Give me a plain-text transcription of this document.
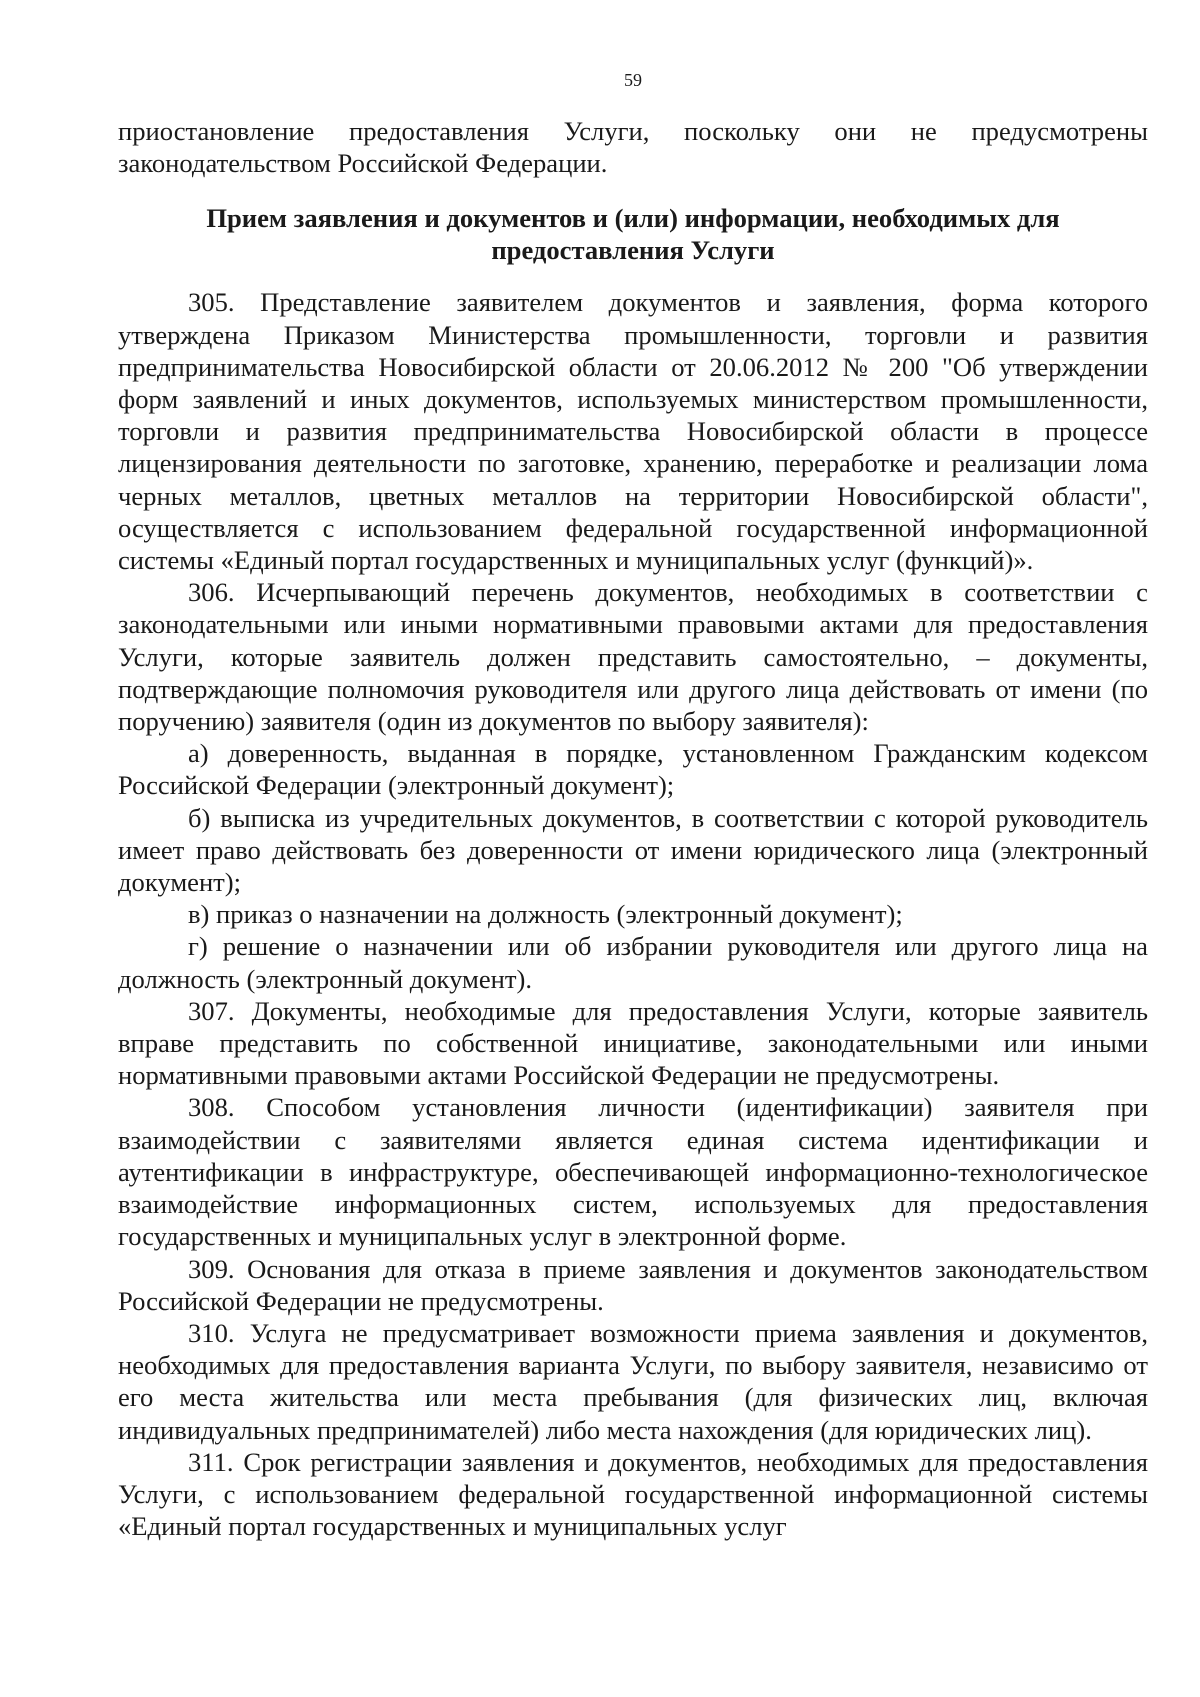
59

приостановление предоставления Услуги, поскольку они не предусмотрены законодательством Российской Федерации.

Прием заявления и документов и (или) информации, необходимых для предоставления Услуги

305. Представление заявителем документов и заявления, форма которого утверждена Приказом Министерства промышленности, торговли и развития предпринимательства Новосибирской области от 20.06.2012 № 200 "Об утверждении форм заявлений и иных документов, используемых министерством промышленности, торговли и развития предпринимательства Новосибирской области в процессе лицензирования деятельности по заготовке, хранению, переработке и реализации лома черных металлов, цветных металлов на территории Новосибирской области", осуществляется с использованием федеральной государственной информационной системы «Единый портал государственных и муниципальных услуг (функций)».

306. Исчерпывающий перечень документов, необходимых в соответствии с законодательными или иными нормативными правовыми актами для предоставления Услуги, которые заявитель должен представить самостоятельно, – документы, подтверждающие полномочия руководителя или другого лица действовать от имени (по поручению) заявителя (один из документов по выбору заявителя):

а) доверенность, выданная в порядке, установленном Гражданским кодексом Российской Федерации (электронный документ);

б) выписка из учредительных документов, в соответствии с которой руководитель имеет право действовать без доверенности от имени юридического лица (электронный документ);

в) приказ о назначении на должность (электронный документ);

г) решение о назначении или об избрании руководителя или другого лица на должность (электронный документ).

307. Документы, необходимые для предоставления Услуги, которые заявитель вправе представить по собственной инициативе, законодательными или иными нормативными правовыми актами Российской Федерации не предусмотрены.

308. Способом установления личности (идентификации) заявителя при взаимодействии с заявителями является единая система идентификации и аутентификации в инфраструктуре, обеспечивающей информационно-технологическое взаимодействие информационных систем, используемых для предоставления государственных и муниципальных услуг в электронной форме.

309. Основания для отказа в приеме заявления и документов законодательством Российской Федерации не предусмотрены.

310. Услуга не предусматривает возможности приема заявления и документов, необходимых для предоставления варианта Услуги, по выбору заявителя, независимо от его места жительства или места пребывания (для физических лиц, включая индивидуальных предпринимателей) либо места нахождения (для юридических лиц).

311. Срок регистрации заявления и документов, необходимых для предоставления Услуги, с использованием федеральной государственной информационной системы «Единый портал государственных и муниципальных услуг
